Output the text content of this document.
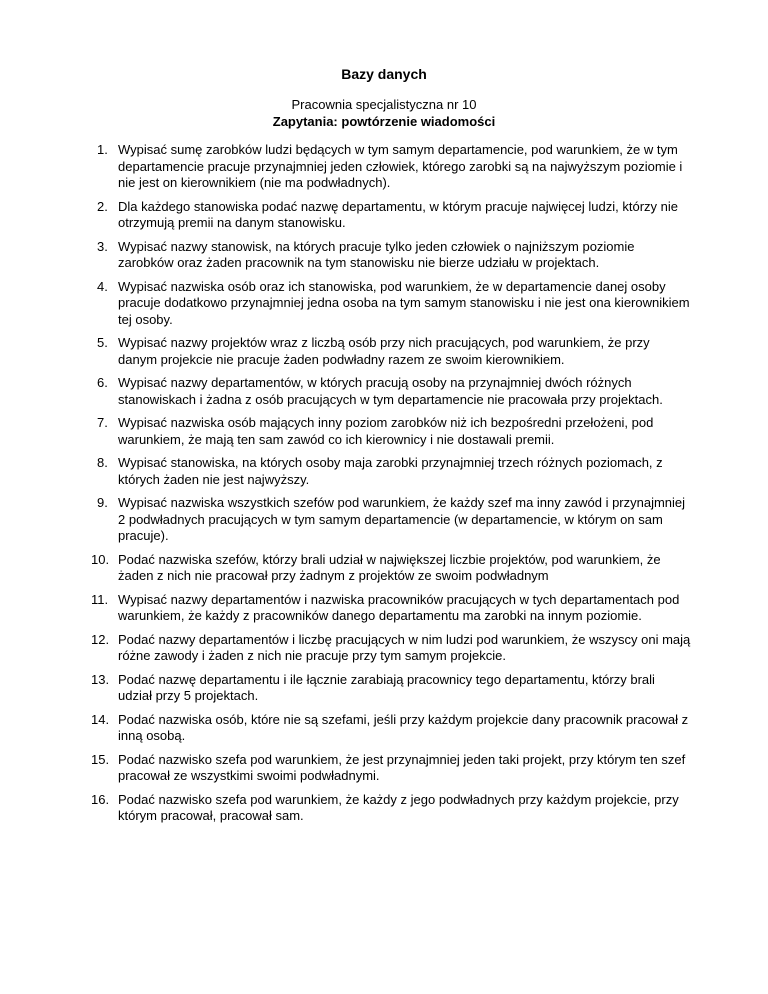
Bazy danych
Pracownia specjalistyczna nr 10
Zapytania: powtórzenie wiadomości
1. Wypisać sumę zarobków ludzi będących w tym samym departamencie, pod warunkiem, że w tym departamencie pracuje przynajmniej jeden człowiek, którego zarobki są na najwyższym poziomie i nie jest on kierownikiem (nie ma podwładnych).
2. Dla każdego stanowiska podać nazwę departamentu, w którym pracuje najwięcej ludzi, którzy nie otrzymują premii na danym stanowisku.
3. Wypisać nazwy stanowisk, na których pracuje tylko jeden człowiek o najniższym poziomie zarobków oraz żaden pracownik na tym stanowisku nie bierze udziału w projektach.
4. Wypisać nazwiska osób oraz ich stanowiska, pod warunkiem, że w departamencie danej osoby pracuje dodatkowo przynajmniej jedna osoba na tym samym stanowisku i nie jest ona kierownikiem tej osoby.
5. Wypisać nazwy projektów wraz z liczbą osób przy nich pracujących, pod warunkiem, że przy danym projekcie nie pracuje żaden podwładny razem ze swoim kierownikiem.
6. Wypisać nazwy departamentów, w których pracują osoby na przynajmniej dwóch różnych stanowiskach i żadna z osób pracujących w tym departamencie nie pracowała przy projektach.
7. Wypisać nazwiska osób mających inny poziom zarobków niż ich bezpośredni przełożeni, pod warunkiem, że mają ten sam zawód co ich kierownicy i nie dostawali premii.
8. Wypisać stanowiska, na których osoby maja zarobki przynajmniej trzech różnych poziomach, z których żaden nie jest najwyższy.
9. Wypisać nazwiska wszystkich szefów pod warunkiem, że każdy szef ma inny zawód i przynajmniej 2 podwładnych pracujących w tym samym departamencie (w departamencie, w którym on sam pracuje).
10. Podać nazwiska szefów, którzy brali udział w największej liczbie projektów, pod warunkiem, że żaden z nich nie pracował przy żadnym z projektów ze swoim podwładnym
11. Wypisać nazwy departamentów i nazwiska pracowników pracujących w tych departamentach pod warunkiem, że każdy z pracowników danego departamentu ma zarobki na innym poziomie.
12. Podać nazwy departamentów i liczbę pracujących w nim ludzi pod warunkiem, że wszyscy oni mają różne zawody i żaden z nich nie pracuje przy tym samym projekcie.
13. Podać nazwę departamentu i ile łącznie zarabiają pracownicy tego departamentu, którzy brali udział przy 5 projektach.
14. Podać nazwiska osób, które nie są szefami, jeśli przy każdym projekcie dany pracownik pracował z inną osobą.
15. Podać nazwisko szefa pod warunkiem, że jest przynajmniej jeden taki projekt, przy którym ten szef pracował ze wszystkimi swoimi podwładnymi.
16. Podać nazwisko szefa pod warunkiem, że każdy z jego podwładnych przy każdym projekcie, przy którym pracował, pracował sam.
